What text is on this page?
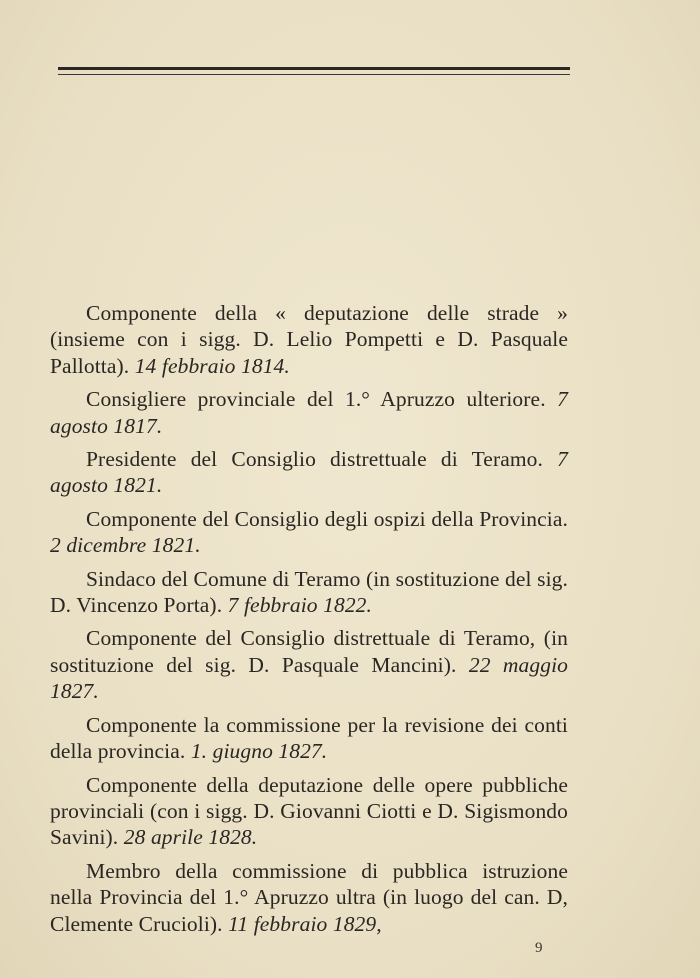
Componente della « deputazione delle strade » (insieme con i sigg. D. Lelio Pompetti e D. Pasquale Pallotta). 14 febbraio 1814.

Consigliere provinciale del 1.° Apruzzo ulteriore. 7 agosto 1817.

Presidente del Consiglio distrettuale di Teramo. 7 agosto 1821.

Componente del Consiglio degli ospizi della Provincia. 2 dicembre 1821.

Sindaco del Comune di Teramo (in sostituzione del sig. D. Vincenzo Porta). 7 febbraio 1822.

Componente del Consiglio distrettuale di Teramo, (in sostituzione del sig. D. Pasquale Mancini). 22 maggio 1827.

Componente la commissione per la revisione dei conti della provincia. 1. giugno 1827.

Componente della deputazione delle opere pubbliche provinciali (con i sigg. D. Giovanni Ciotti e D. Sigismondo Savini). 28 aprile 1828.

Membro della commissione di pubblica istruzione nella Provincia del 1.° Apruzzo ultra (in luogo del can. D, Clemente Crucioli). 11 febbraio 1829,

9
